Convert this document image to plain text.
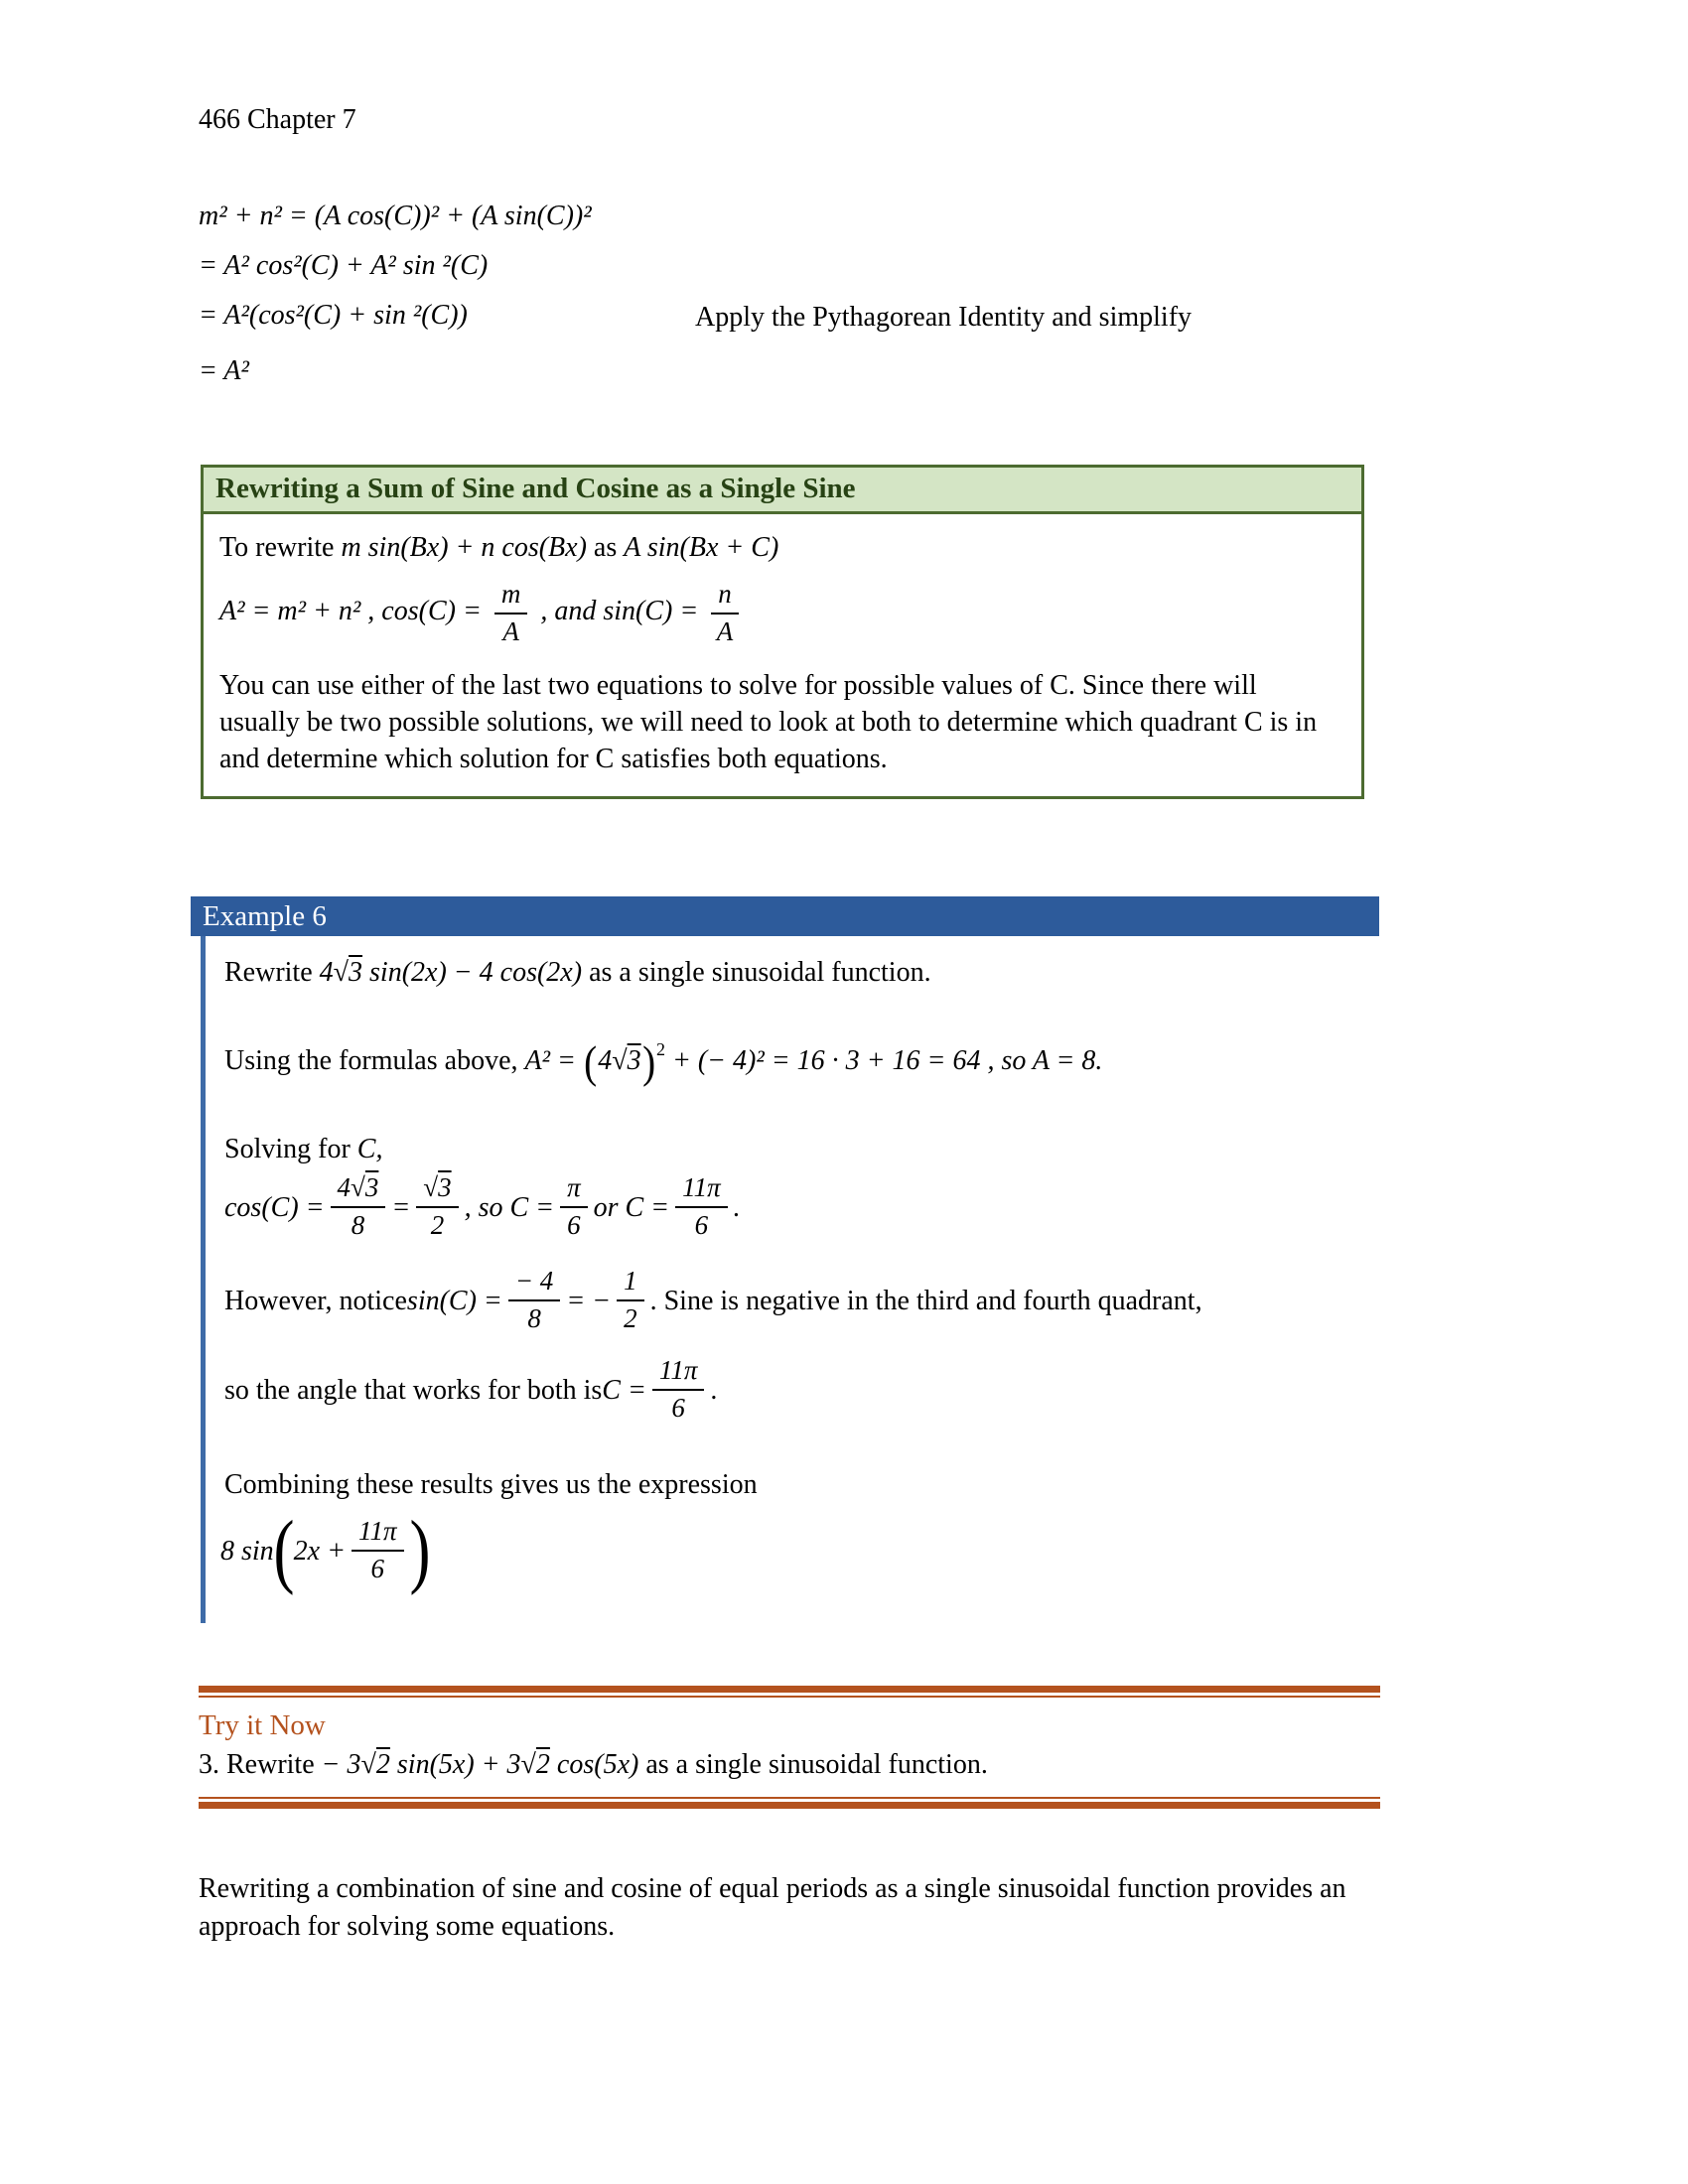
466 Chapter 7
m² + n² = (A cos(C))² + (A sin(C))²
= A² cos²(C) + A² sin ²(C)
= A²(cos²(C) + sin ²(C))	Apply the Pythagorean Identity and simplify
= A²
Rewriting a Sum of Sine and Cosine as a Single Sine
To rewrite m sin(Bx) + n cos(Bx) as A sin(Bx + C)
A² = m² + n² , $\cos(C) = \frac{m}{A}$ , and $\sin(C) = \frac{n}{A}$
You can use either of the last two equations to solve for possible values of C. Since there will usually be two possible solutions, we will need to look at both to determine which quadrant C is in and determine which solution for C satisfies both equations.
Example 6
Rewrite 4√3 sin(2x) − 4 cos(2x) as a single sinusoidal function.
Using the formulas above, $A^2 = (4√3)^2$ + (− 4)² = 16 · 3 + 16 = 64 , so A = 8.
Solving for C,
$\cos(C) = \frac{4√3}{8} = \frac{√3}{2}$ , so $C = \frac{\pi}{6}$ or $C = \frac{11\pi}{6}$ .
However, notice $\sin(C) = \frac{- 4}{8}$ = − $\frac{1}{2}$ . Sine is negative in the third and fourth quadrant,
so the angle that works for both is $C = \frac{11\pi}{6}$ .
Combining these results gives us the expression
8 sin ( $2x + \frac{11\pi}{6}$ )
Try it Now
3. Rewrite − 3√2 sin(5x) + 3√2 cos(5x) as a single sinusoidal function.
Rewriting a combination of sine and cosine of equal periods as a single sinusoidal function provides an approach for solving some equations.
